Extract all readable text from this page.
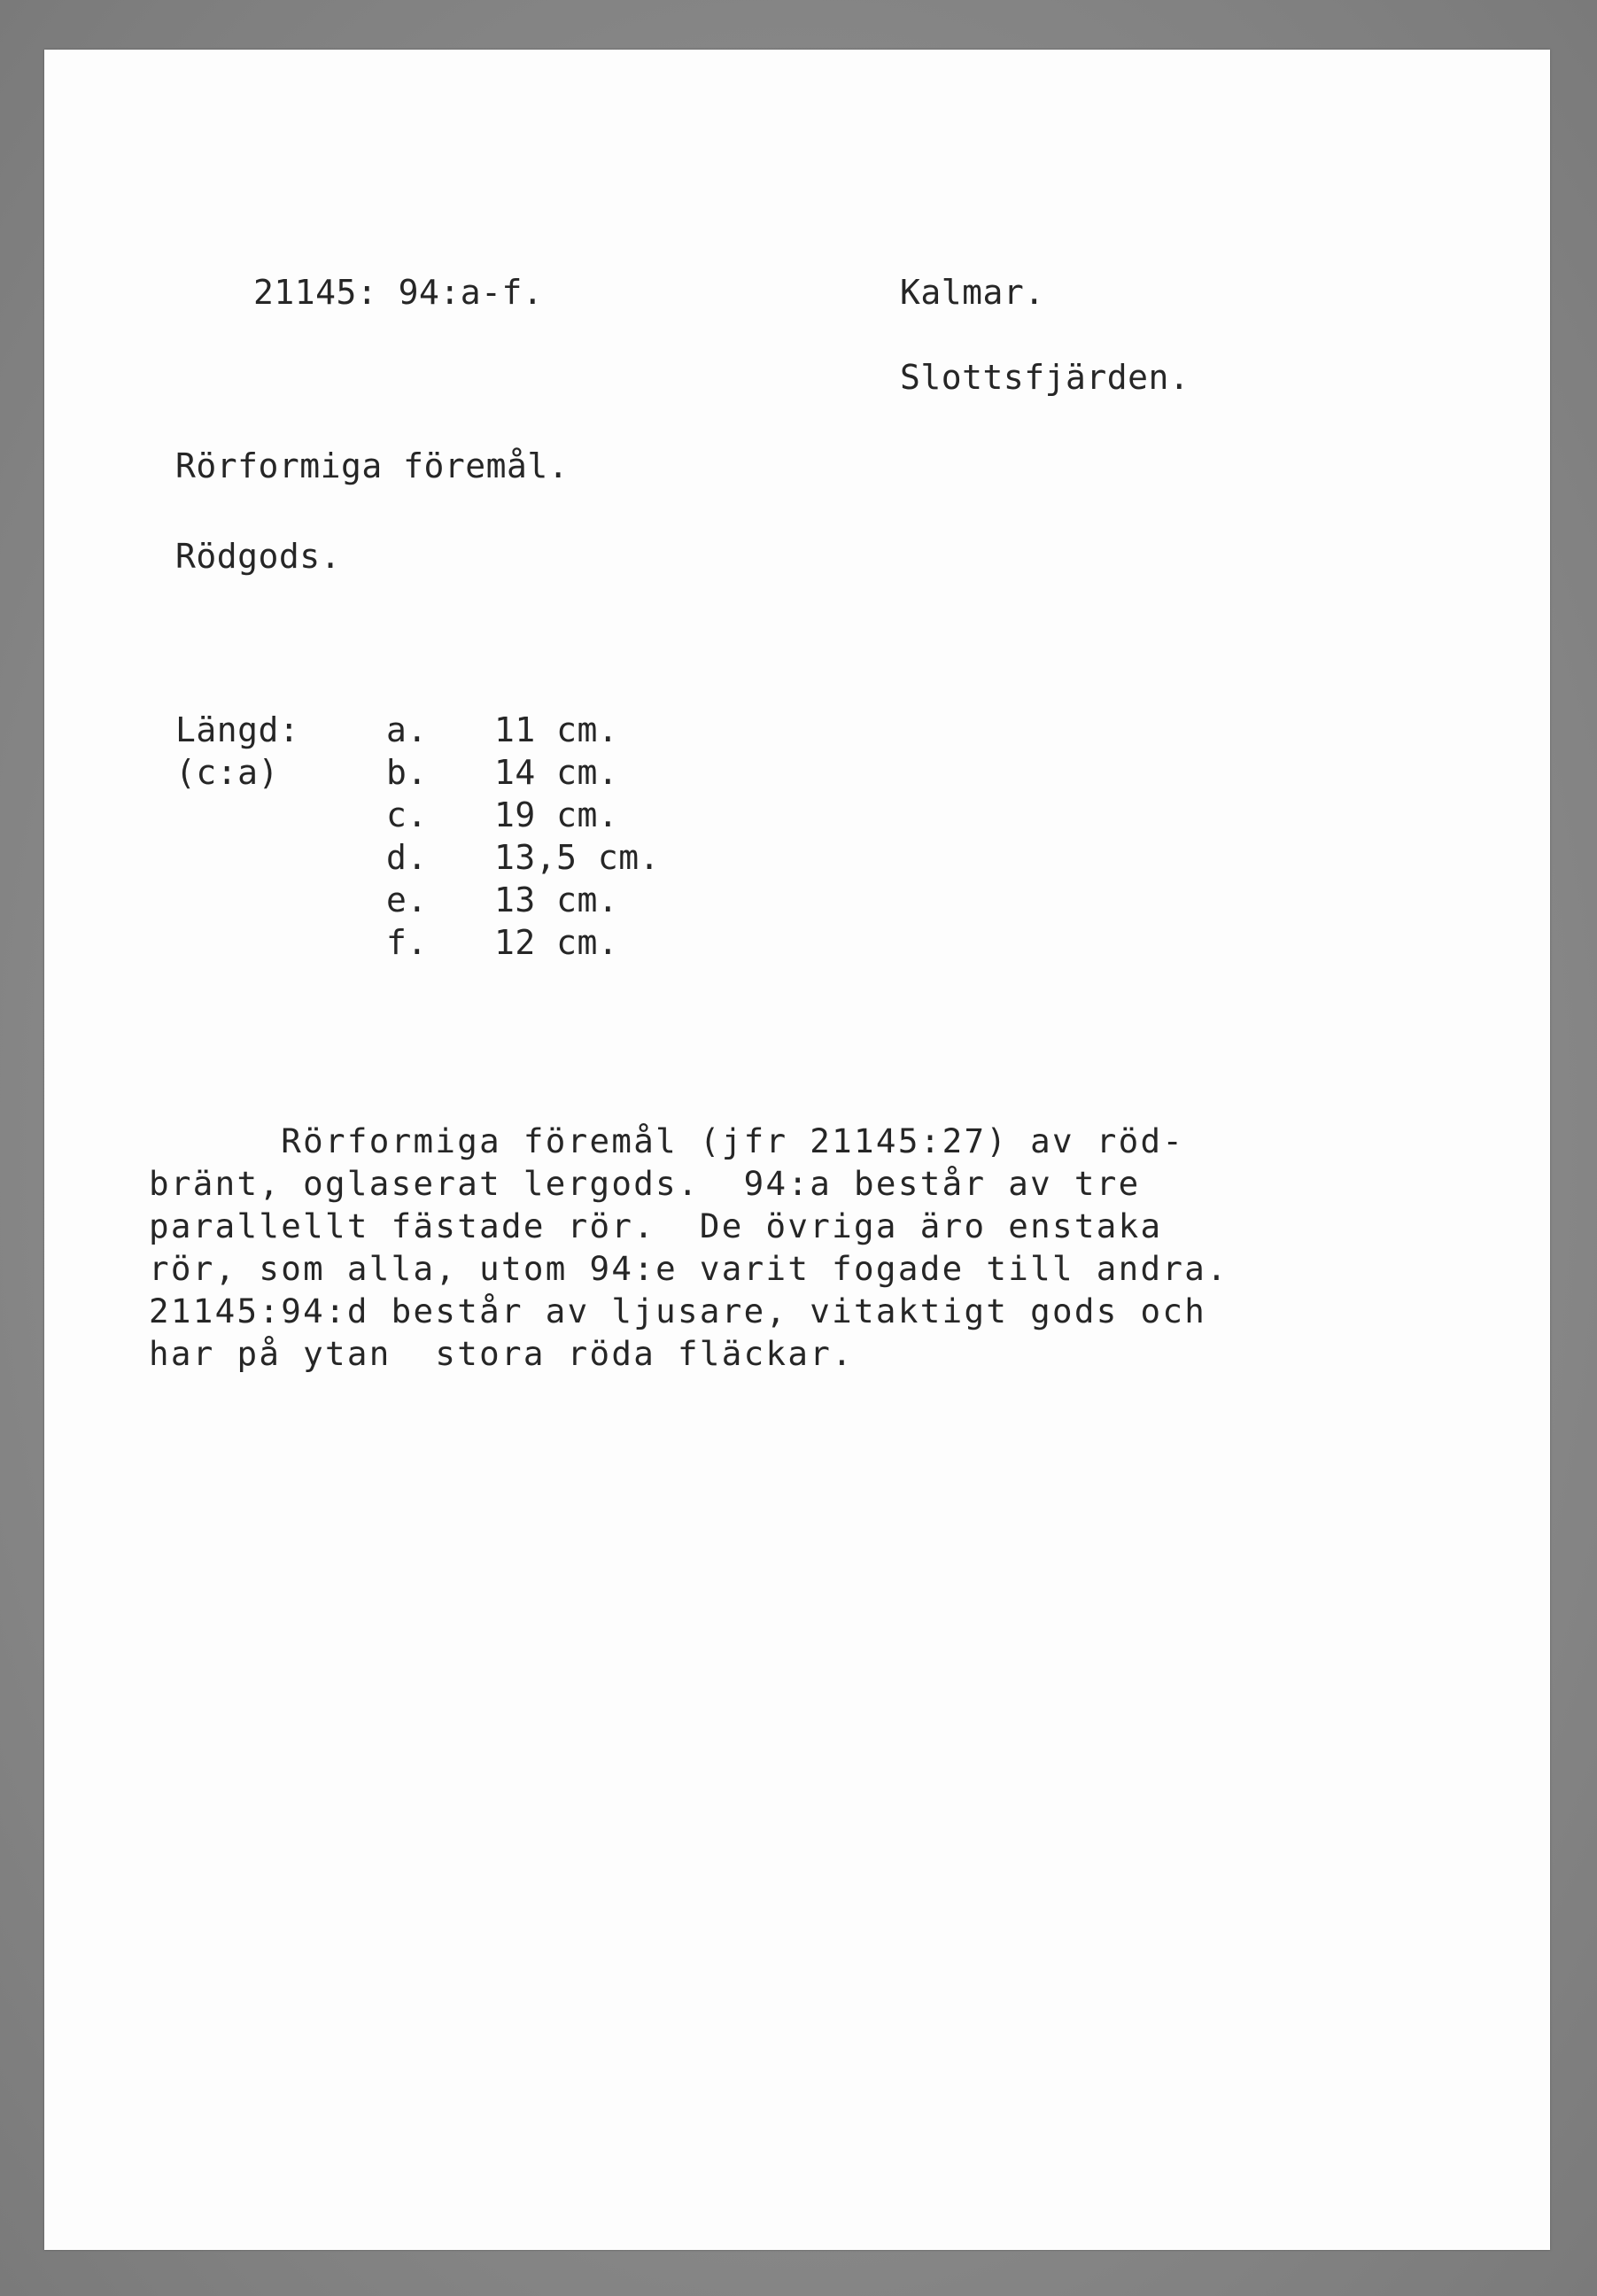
21145: 94:a-f.	Kalmar.
Slottsfjärden.
Rörformiga föremål.
Rödgods.
Längd:
(c:a)
a. 11 cm.
b. 14 cm.
c. 19 cm.
d. 13,5 cm.
e. 13 cm.
f. 12 cm.
Rörformiga föremål (jfr 21145:27) av röd-
bränt, oglaserat lergods.  94:a består av tre
parallellt fästade rör.  De övriga äro enstaka
rör, som alla, utom 94:e varit fogade till andra.
21145:94:d består av ljusare, vitaktigt gods och
har på ytan  stora röda fläckar.
